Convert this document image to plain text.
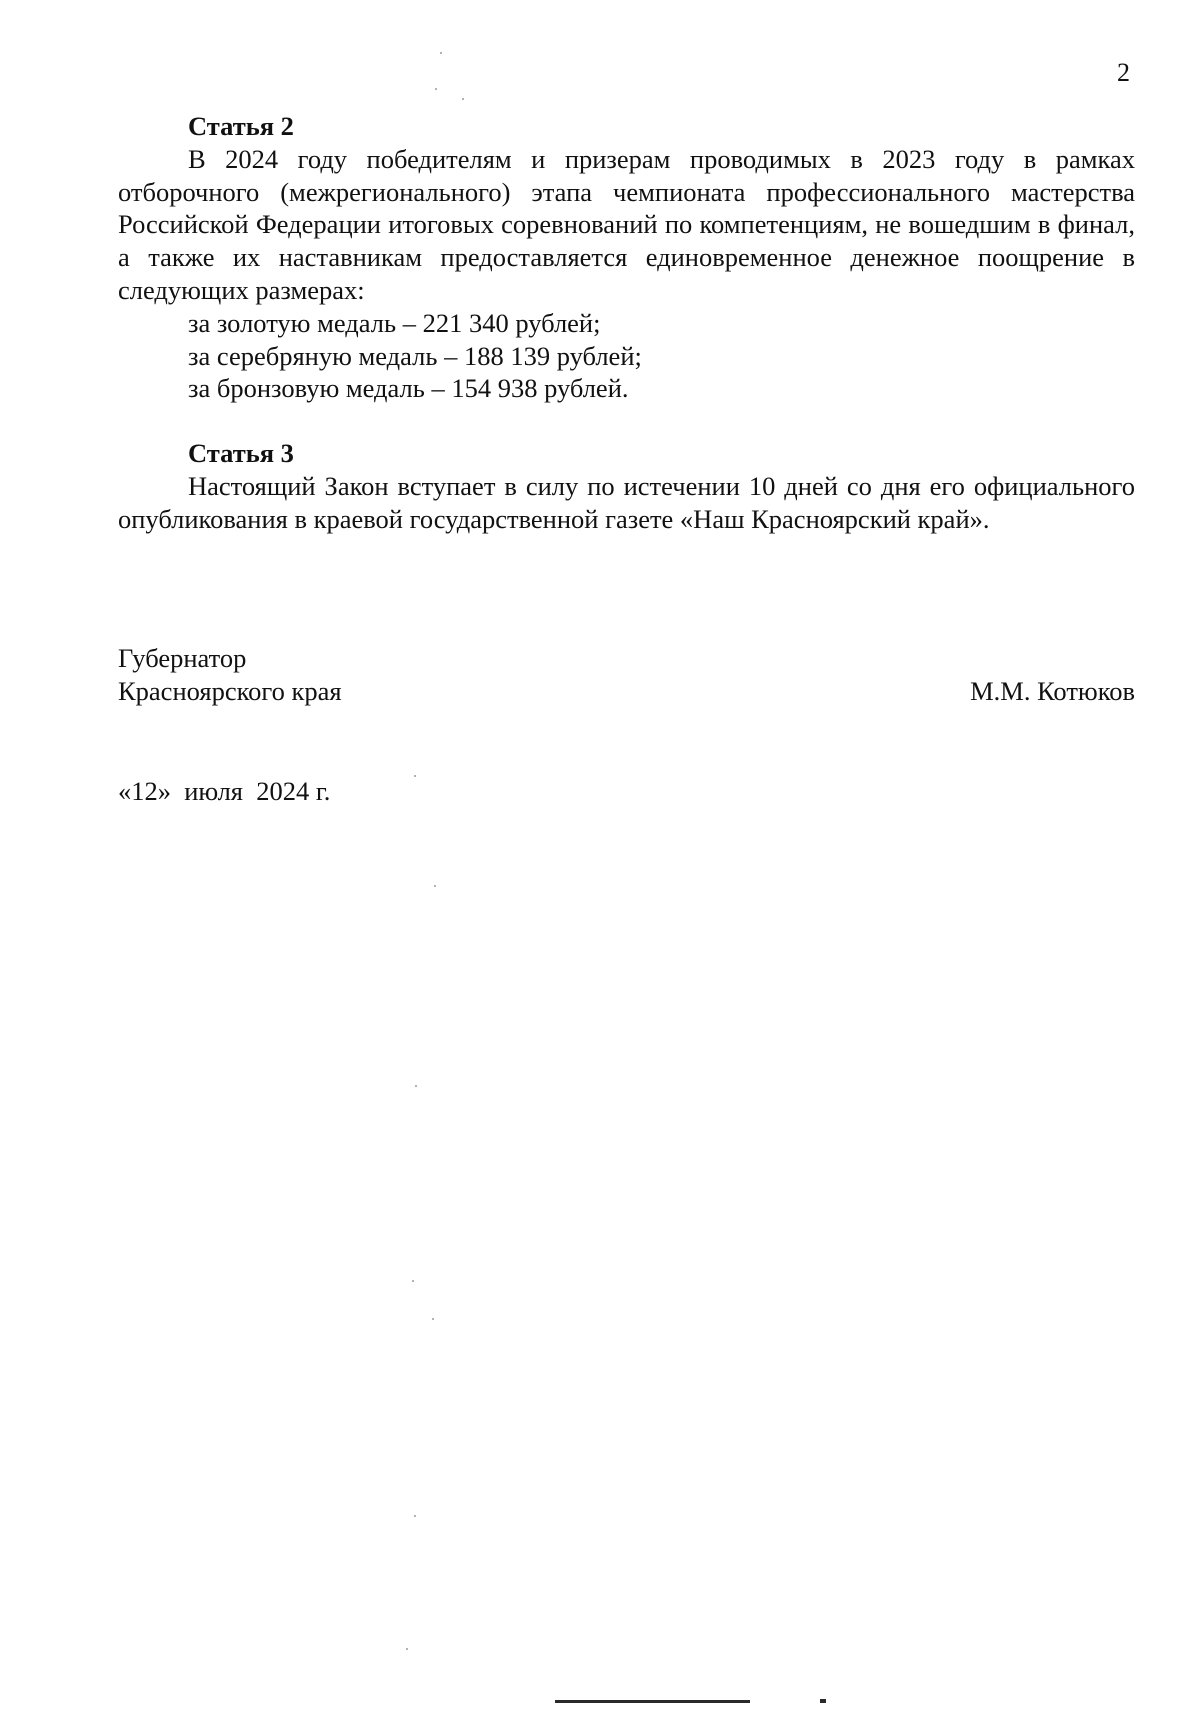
2
Статья 2

В 2024 году победителям и призерам проводимых в 2023 году в рамках отборочного (межрегионального) этапа чемпионата профессионального мастерства Российской Федерации итоговых соревнований по компетенциям, не вошедшим в финал, а также их наставникам предоставляется единовременное денежное поощрение в следующих размерах:

за золотую медаль – 221 340 рублей;

за серебряную медаль – 188 139 рублей;

за бронзовую медаль – 154 938 рублей.

Статья 3

Настоящий Закон вступает в силу по истечении 10 дней со дня его официального опубликования в краевой государственной газете «Наш Красноярский край».

Губернатор
Красноярского края	М.М. Котюков
«12»  июля  2024 г.
